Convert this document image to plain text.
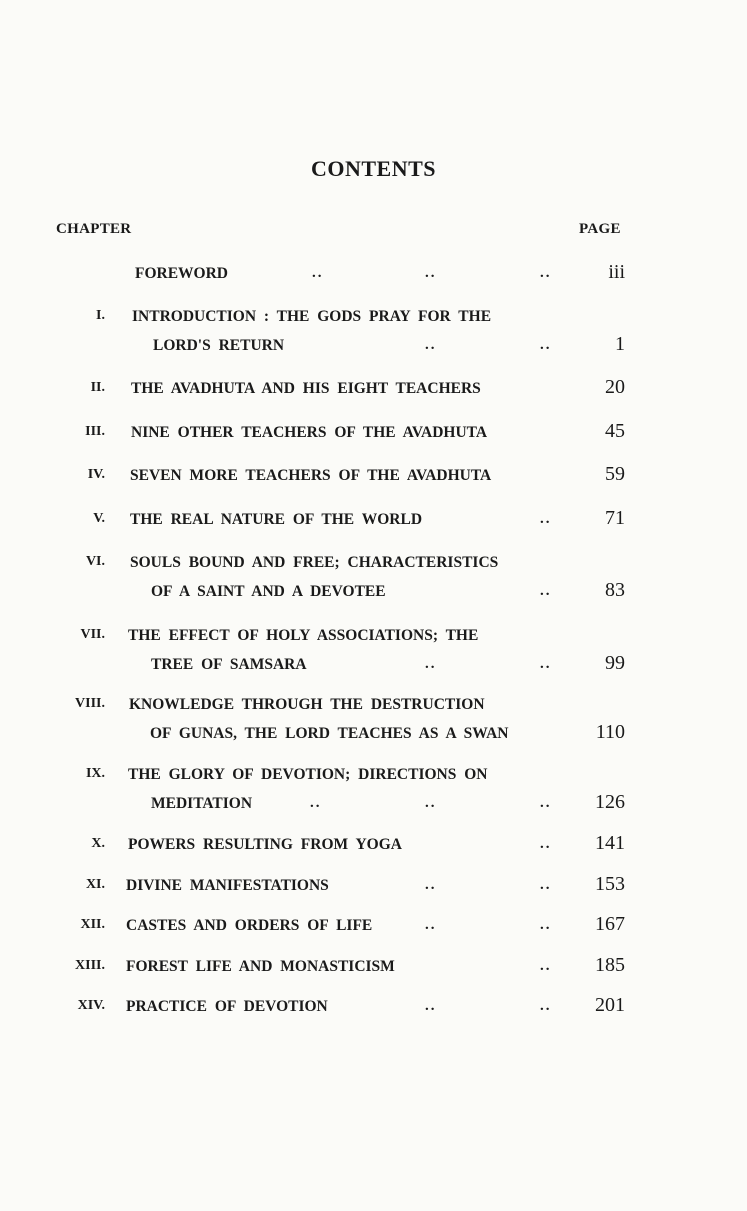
CONTENTS
CHAPTER	PAGE
FOREWORD	..	..	..	iii
I. INTRODUCTION : THE GODS PRAY FOR THE
LORD'S RETURN	..	..	1
II. THE AVADHUTA AND HIS EIGHT TEACHERS	20
III. NINE OTHER TEACHERS OF THE AVADHUTA	45
IV. SEVEN MORE TEACHERS OF THE AVADHUTA	59
V. THE REAL NATURE OF THE WORLD	..	71
VI. SOULS BOUND AND FREE; CHARACTERISTICS
OF A SAINT AND A DEVOTEE	..	83
VII. THE EFFECT OF HOLY ASSOCIATIONS; THE
TREE OF SAMSARA	..	..	99
VIII. KNOWLEDGE THROUGH THE DESTRUCTION
OF GUNAS, THE LORD TEACHES AS A SWAN	110
IX. THE GLORY OF DEVOTION; DIRECTIONS ON
MEDITATION	..	..	.. 126
X. POWERS RESULTING FROM YOGA	.. 141
XI. DIVINE MANIFESTATIONS	..	.. 153
XII. CASTES AND ORDERS OF LIFE	..	.. 167
XIII. FOREST LIFE AND MONASTICISM	.. 185
XIV. PRACTICE OF DEVOTION	..	.. 201
